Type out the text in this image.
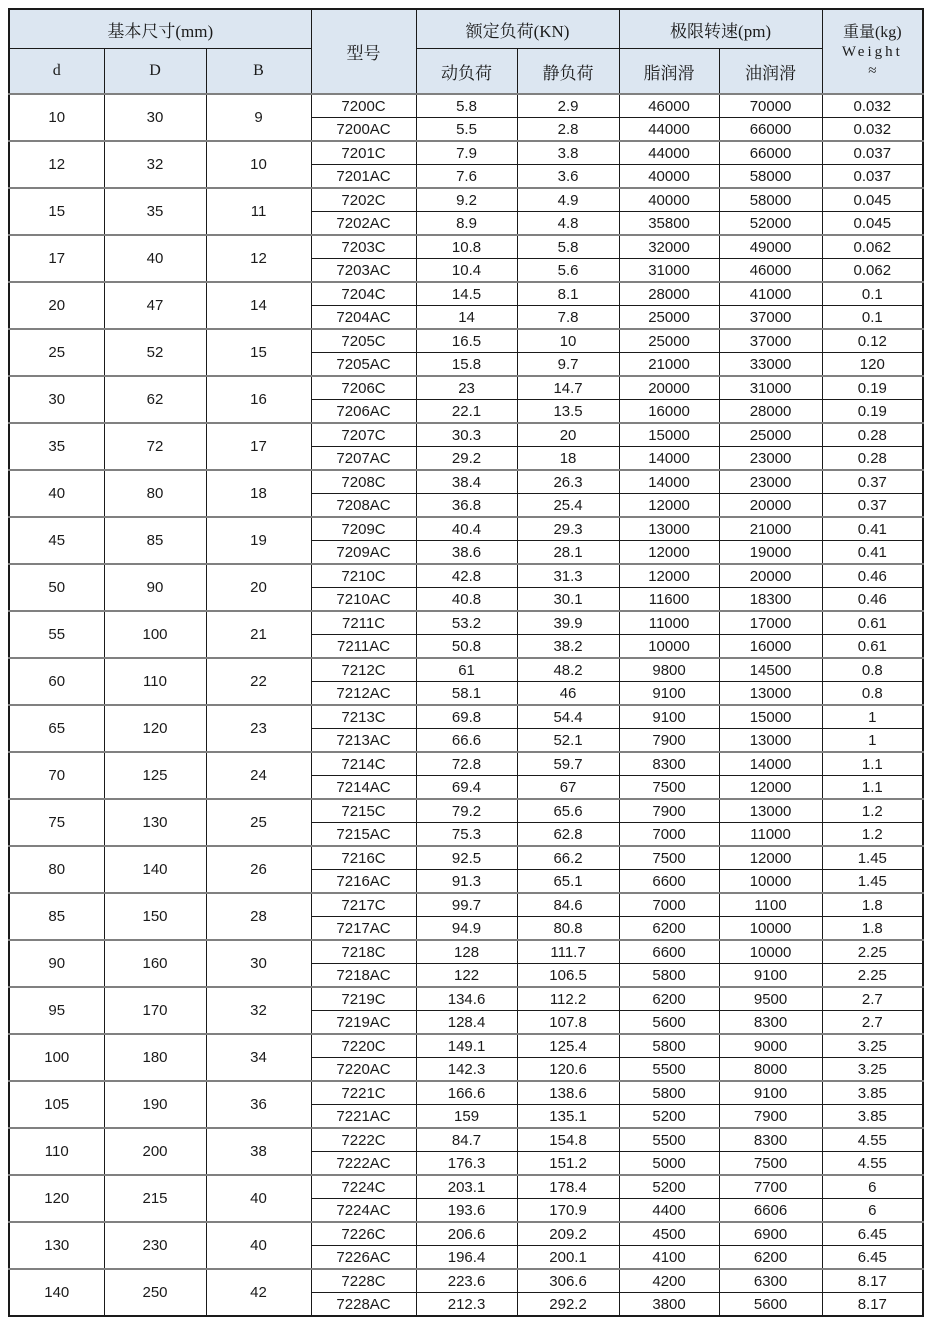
基本尺寸(mm)			型号	额定负荷(KN)		极限转速(pm)		重量(kg)
Weight
≈

d	D	B		动负荷	静负荷	脂润滑	油润滑	
10	30	9	7200C	5.8	2.9	46000	70000	0.032
			7200AC	5.5	2.8	44000	66000	0.032
12	32	10	7201C	7.9	3.8	44000	66000	0.037
			7201AC	7.6	3.6	40000	58000	0.037
15	35	11	7202C	9.2	4.9	40000	58000	0.045
			7202AC	8.9	4.8	35800	52000	0.045
17	40	12	7203C	10.8	5.8	32000	49000	0.062
			7203AC	10.4	5.6	31000	46000	0.062
20	47	14	7204C	14.5	8.1	28000	41000	0.1
			7204AC	14	7.8	25000	37000	0.1
25	52	15	7205C	16.5	10	25000	37000	0.12
			7205AC	15.8	9.7	21000	33000	120
30	62	16	7206C	23	14.7	20000	31000	0.19
			7206AC	22.1	13.5	16000	28000	0.19
35	72	17	7207C	30.3	20	15000	25000	0.28
			7207AC	29.2	18	14000	23000	0.28
40	80	18	7208C	38.4	26.3	14000	23000	0.37
			7208AC	36.8	25.4	12000	20000	0.37
45	85	19	7209C	40.4	29.3	13000	21000	0.41
			7209AC	38.6	28.1	12000	19000	0.41
50	90	20	7210C	42.8	31.3	12000	20000	0.46
			7210AC	40.8	30.1	11600	18300	0.46
55	100	21	7211C	53.2	39.9	11000	17000	0.61
			7211AC	50.8	38.2	10000	16000	0.61
60	110	22	7212C	61	48.2	9800	14500	0.8
			7212AC	58.1	46	9100	13000	0.8
65	120	23	7213C	69.8	54.4	9100	15000	1
			7213AC	66.6	52.1	7900	13000	1
70	125	24	7214C	72.8	59.7	8300	14000	1.1
			7214AC	69.4	67	7500	12000	1.1
75	130	25	7215C	79.2	65.6	7900	13000	1.2
			7215AC	75.3	62.8	7000	11000	1.2
80	140	26	7216C	92.5	66.2	7500	12000	1.45
			7216AC	91.3	65.1	6600	10000	1.45
85	150	28	7217C	99.7	84.6	7000	1100	1.8
			7217AC	94.9	80.8	6200	10000	1.8
90	160	30	7218C	128	111.7	6600	10000	2.25
			7218AC	122	106.5	5800	9100	2.25
95	170	32	7219C	134.6	112.2	6200	9500	2.7
			7219AC	128.4	107.8	5600	8300	2.7
100	180	34	7220C	149.1	125.4	5800	9000	3.25
			7220AC	142.3	120.6	5500	8000	3.25
105	190	36	7221C	166.6	138.6	5800	9100	3.85
			7221AC	159	135.1	5200	7900	3.85
110	200	38	7222C	84.7	154.8	5500	8300	4.55
			7222AC	176.3	151.2	5000	7500	4.55
120	215	40	7224C	203.1	178.4	5200	7700	6
			7224AC	193.6	170.9	4400	6606	6
130	230	40	7226C	206.6	209.2	4500	6900	6.45
			7226AC	196.4	200.1	4100	6200	6.45
140	250	42	7228C	223.6	306.6	4200	6300	8.17
			7228AC	212.3	292.2	3800	5600	8.17
